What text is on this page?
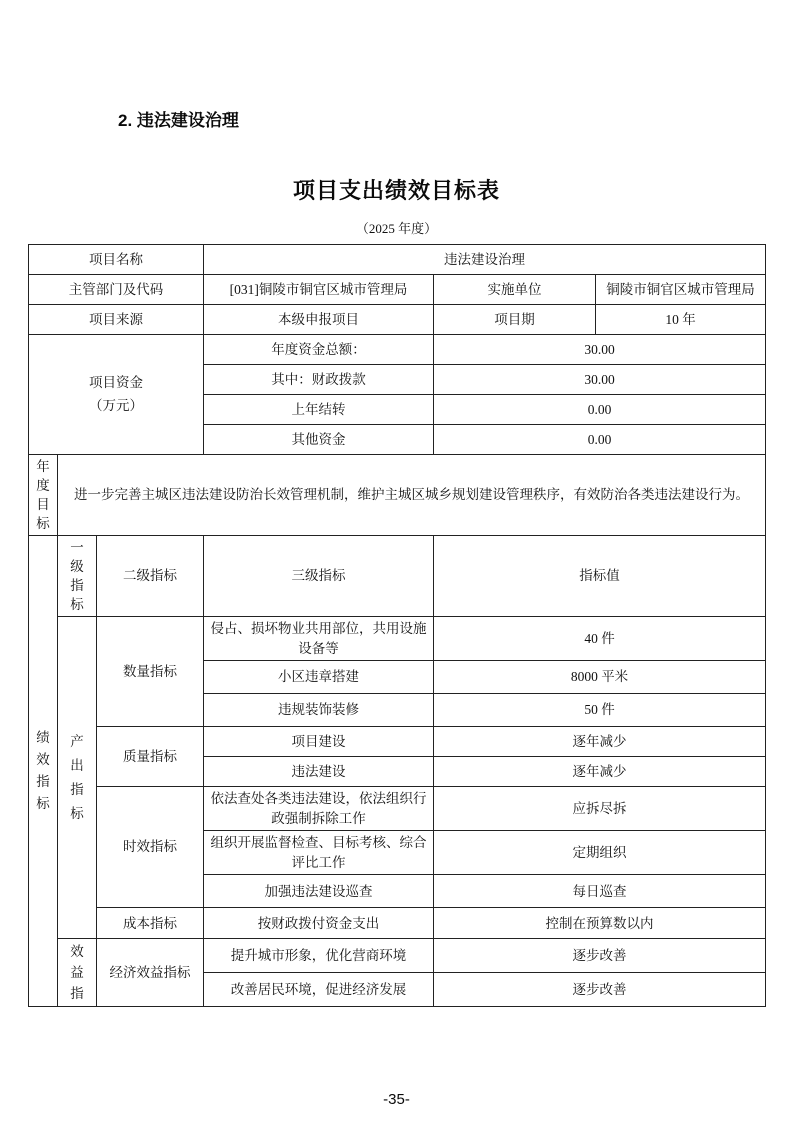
2. 违法建设治理
项目支出绩效目标表
（2025 年度）
项目名称			违法建设治理		
主管部门及代码			[031]铜陵市铜官区城市管理局	实施单位	铜陵市铜官区城市管理局
项目来源			本级申报项目	项目期	10 年

项目资金
（万元）			年度资金总额：	30.00	
			其中：财政拨款	30.00	
			上年结转	0.00	
			其他资金	0.00	

年度目标	进一步完善主城区违法建设防治长效管理机制，维护主城区城乡规划建设管理秩序，有效防治各类违法建设行为。				

绩效指标	一级指标	二级指标	三级指标	指标值	

	产出指标	数量指标	侵占、损坏物业共用部位，共用设施设备等	40 件	
			小区违章搭建	8000 平米	
			违规装饰装修	50 件	
		质量指标	项目建设	逐年减少	
			违法建设	逐年减少	
		时效指标	依法查处各类违法建设，依法组织行政强制拆除工作	应拆尽拆	
			组织开展监督检查、目标考核、综合评比工作	定期组织	
			加强违法建设巡查	每日巡查	
		成本指标	按财政拨付资金支出	控制在预算数以内	

	效益指	经济效益指标	提升城市形象，优化营商环境	逐步改善	
			改善居民环境，促进经济发展	逐步改善	
-35-
